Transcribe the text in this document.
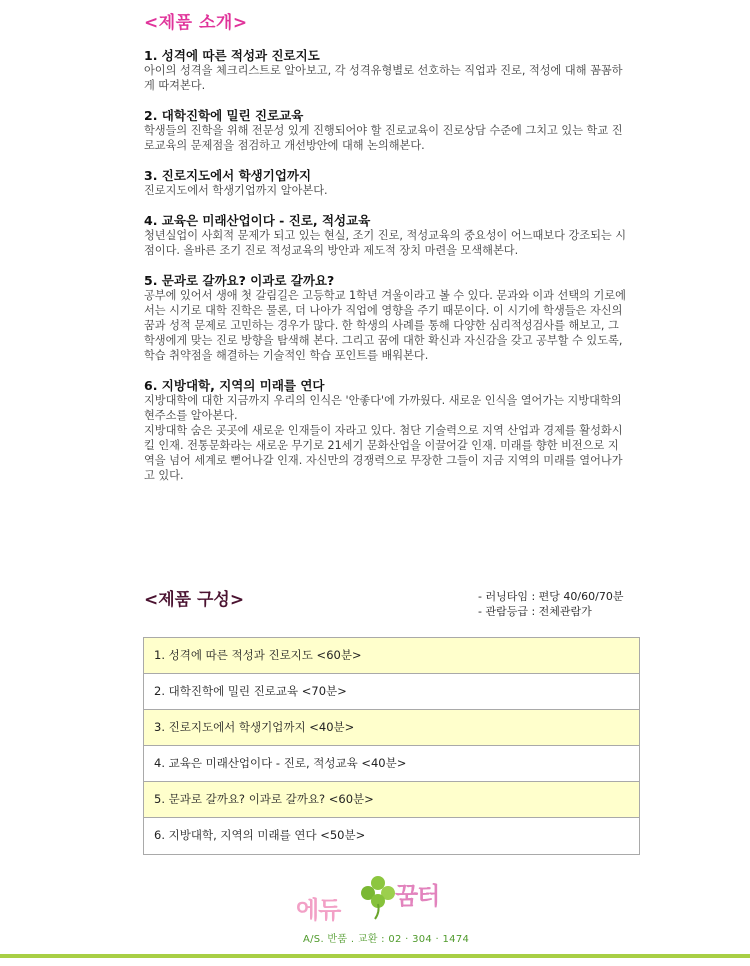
<제품 소개>
1. 성격에 따른 적성과 진로지도
아이의 성격을 체크리스트로 알아보고, 각 성격유형별로 선호하는 직업과 진로, 적성에 대해 꼼꼼하게 따져본다.
2. 대학진학에 밀린 진로교육
학생들의 진학을 위해 전문성 있게 진행되어야 할 진로교육이 진로상담 수준에 그치고 있는 학교 진로교육의 문제점을 점검하고 개선방안에 대해 논의해본다.
3. 진로지도에서 학생기업까지
진로지도에서 학생기업까지 알아본다.
4. 교육은 미래산업이다 - 진로, 적성교육
청년실업이 사회적 문제가 되고 있는 현실, 조기 진로, 적성교육의 중요성이 어느때보다 강조되는 시점이다. 올바른 조기 진로 적성교육의 방안과 제도적 장치 마련을 모색해본다.
5. 문과로 갈까요? 이과로 갈까요?
공부에 있어서 생애 첫 갈림길은 고등학교 1학년 겨울이라고 볼 수 있다. 문과와 이과 선택의 기로에 서는 시기로 대학 진학은 물론, 더 나아가 직업에 영향을 주기 때문이다. 이 시기에 학생들은 자신의 꿈과 성적 문제로 고민하는 경우가 많다. 한 학생의 사례를 통해 다양한 심리적성검사를 해보고, 그 학생에게 맞는 진로 방향을 탐색해 본다. 그리고 꿈에 대한 확신과 자신감을 갖고 공부할 수 있도록, 학습 취약점을 해결하는 기술적인 학습 포인트를 배워본다.
6. 지방대학, 지역의 미래를 연다
지방대학에 대한 지금까지 우리의 인식은 '안좋다'에 가까웠다. 새로운 인식을 열어가는 지방대학의 현주소를 알아본다.
지방대학 숨은 곳곳에 새로운 인재들이 자라고 있다. 첨단 기술력으로 지역 산업과 경제를 활성화시킬 인재. 전통문화라는 새로운 무기로 21세기 문화산업을 이끌어갈 인재. 미래를 향한 비전으로 지역을 넘어 세계로 뻗어나갈 인재. 자신만의 경쟁력으로 무장한 그들이 지금 지역의 미래를 열어나가고 있다.
<제품 구성>	- 러닝타임 : 편당 40/60/70분
- 관람등급 : 전체관람가
1. 성격에 따른 적성과 진로지도 <60분>
2. 대학진학에 밀린 진로교육 <70분>
3. 진로지도에서 학생기업까지 <40분>
4. 교육은 미래산업이다 - 진로, 적성교육 <40분>
5. 문과로 갈까요? 이과로 갈까요? <60분>
6. 지방대학, 지역의 미래를 연다 <50분>
에듀 꿈터
A/S. 반품 . 교환 : 02 · 304 · 1474
